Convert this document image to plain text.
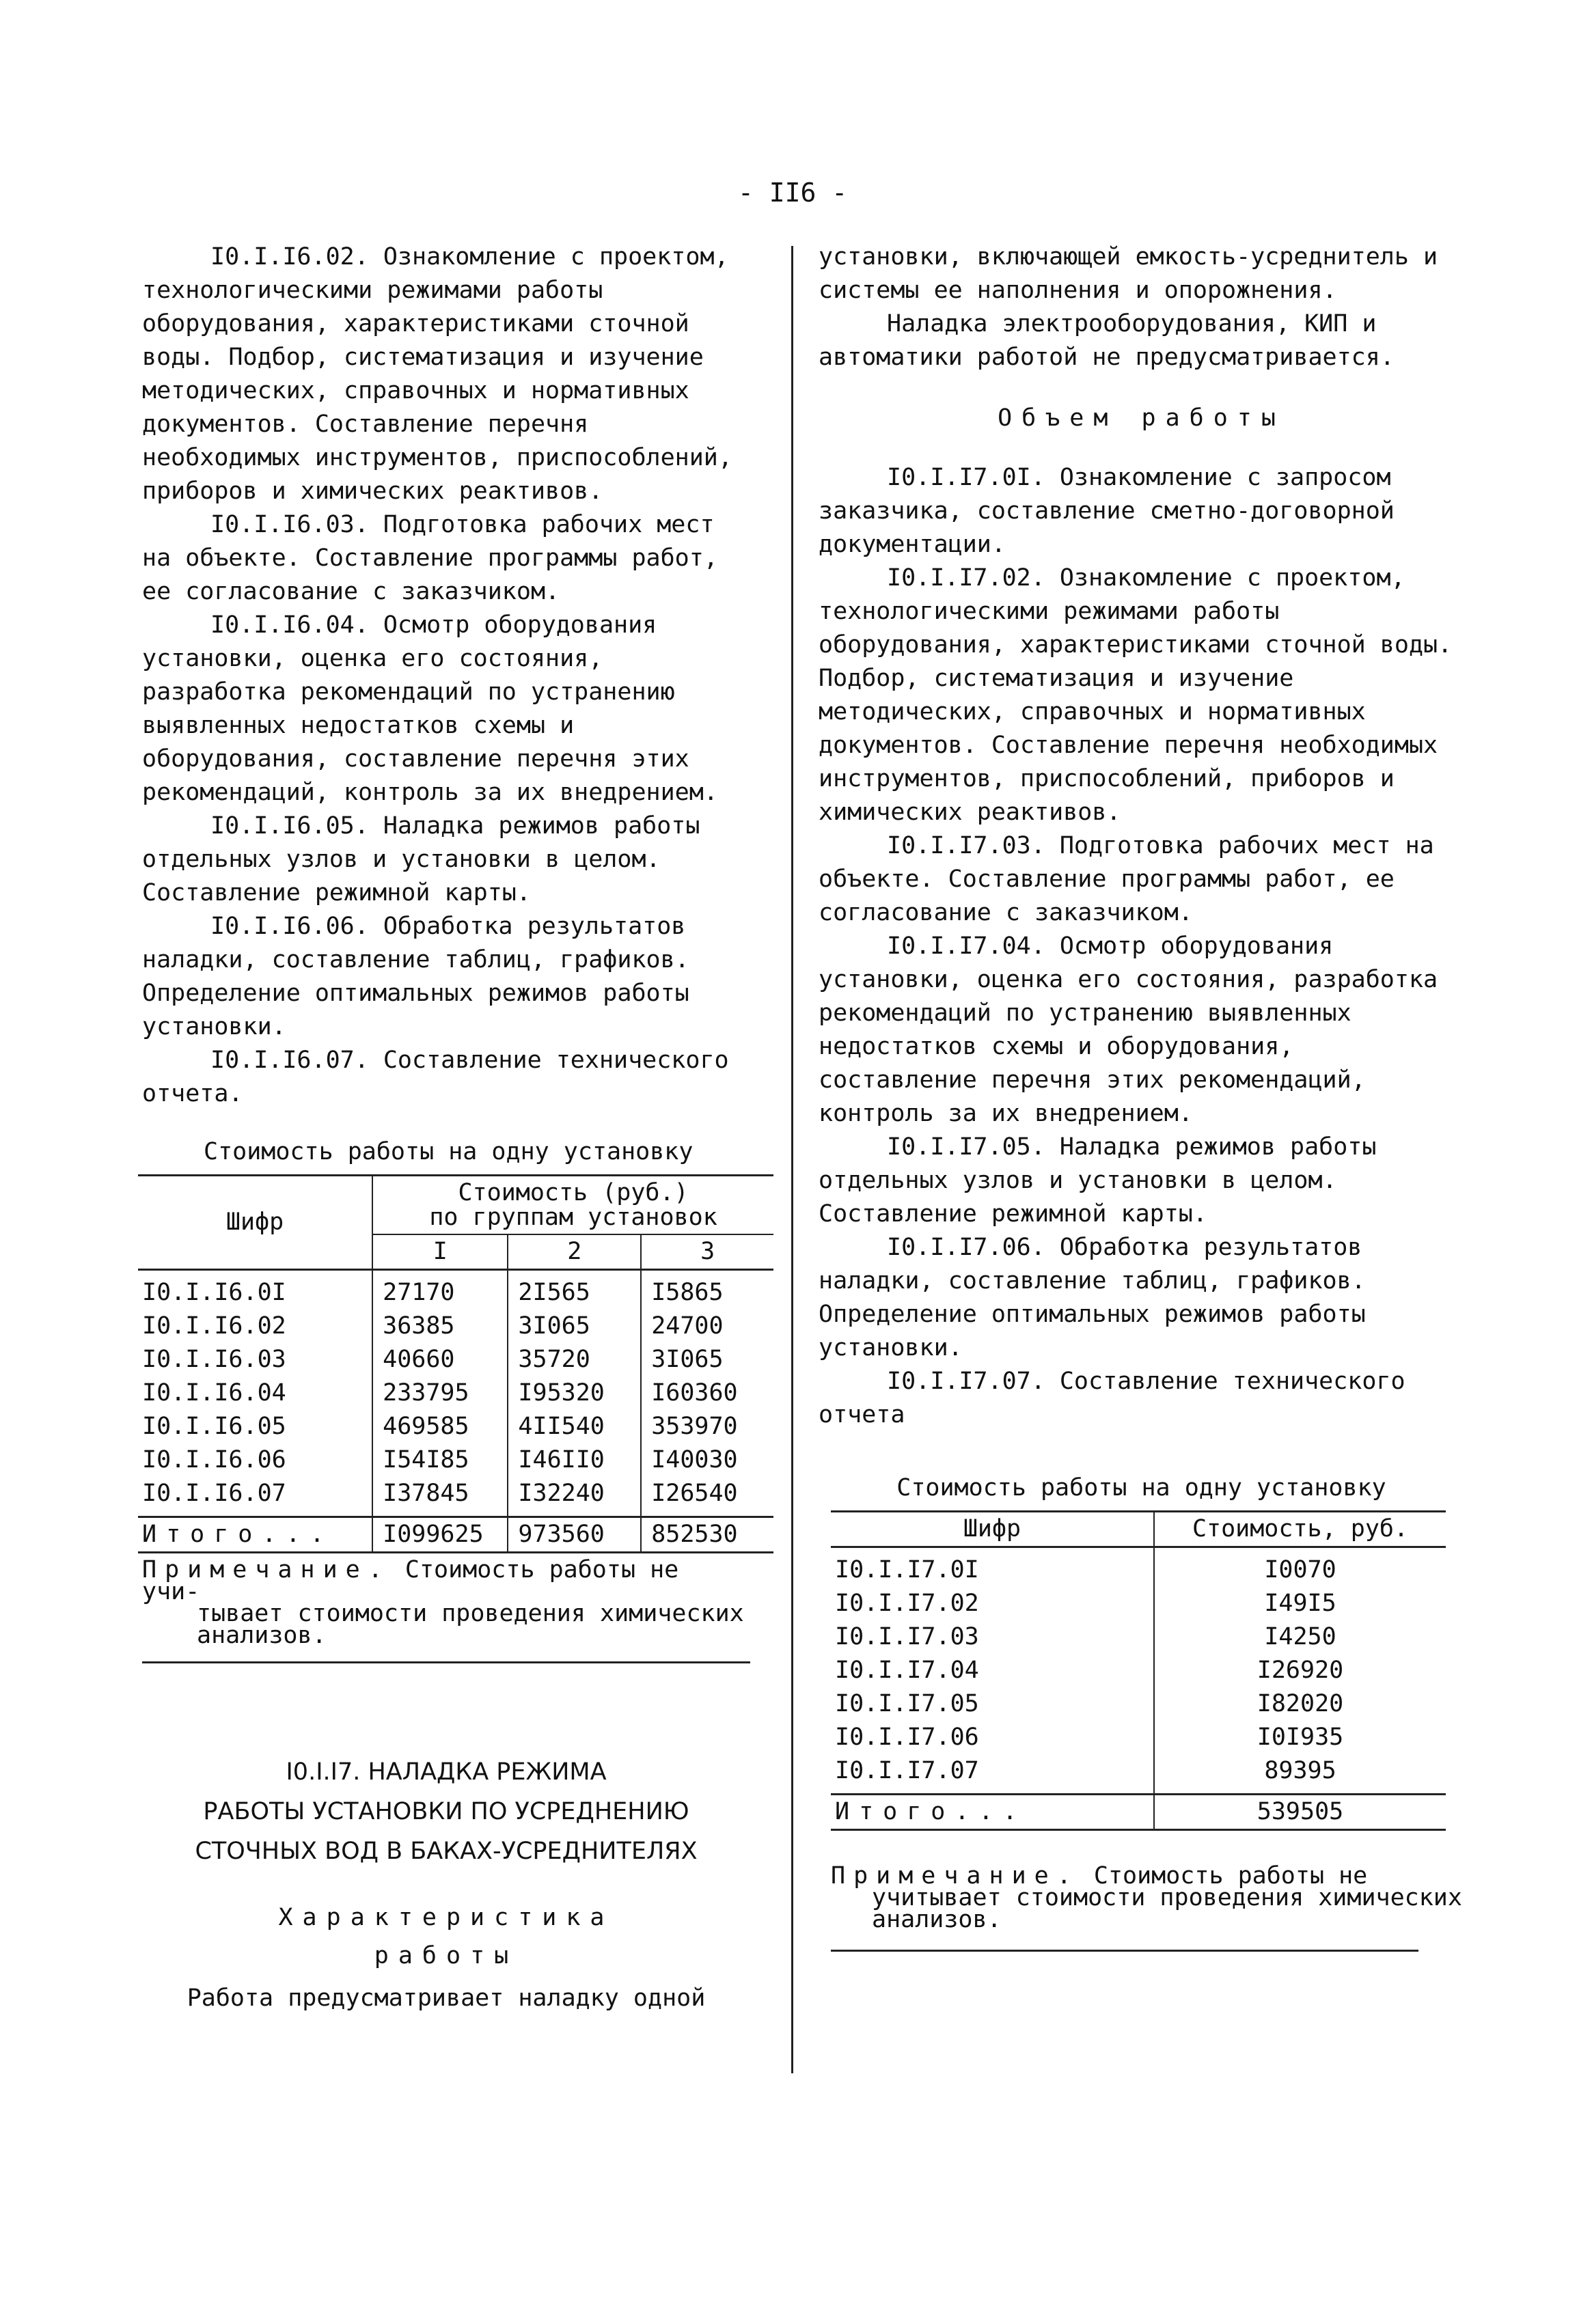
- II6 -

I0.I.I6.02. Ознакомление с проектом, технологическими режимами работы оборудования, характеристиками сточной воды. Подбор, систематизация и изучение методических, справочных и нормативных документов. Составление перечня необходимых инструментов, приспособлений, приборов и химических реактивов.

I0.I.I6.03. Подготовка рабочих мест на объекте. Составление программы работ, ее согласование с заказчиком.

I0.I.I6.04. Осмотр оборудования установки, оценка его состояния, разработка рекомендаций по устранению выявленных недостатков схемы и оборудования, составление перечня этих рекомендаций, контроль за их внедрением.

I0.I.I6.05. Наладка режимов работы отдельных узлов и установки в целом. Составление режимной карты.

I0.I.I6.06. Обработка результатов наладки, составление таблиц, графиков. Определение оптимальных режимов работы установки.

I0.I.I6.07. Составление технического отчета.

Стоимость работы на одну установку

Шифр	Стоимость (руб.)
по группам установок		
	I	2	3
I0.I.I6.0I	27170	2I565	I5865
I0.I.I6.02	36385	3I065	24700
I0.I.I6.03	40660	35720	3I065
I0.I.I6.04	233795	I95320	I60360
I0.I.I6.05	469585	4II540	353970
I0.I.I6.06	I54I85	I46II0	I40030
I0.I.I6.07	I37845	I32240	I26540
Итого...	I099625	973560	852530
Примечание. Стоимость работы не учи-
тывает стоимости проведения химических анализов.
I0.I.I7. НАЛАДКА РЕЖИМА
РАБОТЫ УСТАНОВКИ ПО УСРЕДНЕНИЮ
СТОЧНЫХ ВОД В БАКАХ-УСРЕДНИТЕЛЯХ
Характеристика
работы

Работа предусматривает наладку одной

установки, включающей емкость-усреднитель и системы ее наполнения и опорожнения.

Наладка электрооборудования, КИП и автоматики работой не предусматривается.

Объем работы

I0.I.I7.0I. Ознакомление с запросом заказчика, составление сметно-договорной документации.

I0.I.I7.02. Ознакомление с проектом, технологическими режимами работы оборудования, характеристиками сточной воды. Подбор, систематизация и изучение методических, справочных и нормативных документов. Составление перечня необходимых инструментов, приспособлений, приборов и химических реактивов.

I0.I.I7.03. Подготовка рабочих мест на объекте. Составление программы работ, ее согласование с заказчиком.

I0.I.I7.04. Осмотр оборудования установки, оценка его состояния, разработка рекомендаций по устранению выявленных недостатков схемы и оборудования, составление перечня этих рекомендаций, контроль за их внедрением.

I0.I.I7.05. Наладка режимов работы отдельных узлов и установки в целом. Составление режимной карты.

I0.I.I7.06. Обработка результатов наладки, составление таблиц, графиков. Определение оптимальных режимов работы установки.

I0.I.I7.07. Составление технического отчета

Стоимость работы на одну установку

Шифр	Стоимость, руб.
I0.I.I7.0I	I0070
I0.I.I7.02	I49I5
I0.I.I7.03	I4250
I0.I.I7.04	I26920
I0.I.I7.05	I82020
I0.I.I7.06	I0I935
I0.I.I7.07	89395
Итого...	539505
Примечание. Стоимость работы не
учитывает стоимости проведения химических анализов.
